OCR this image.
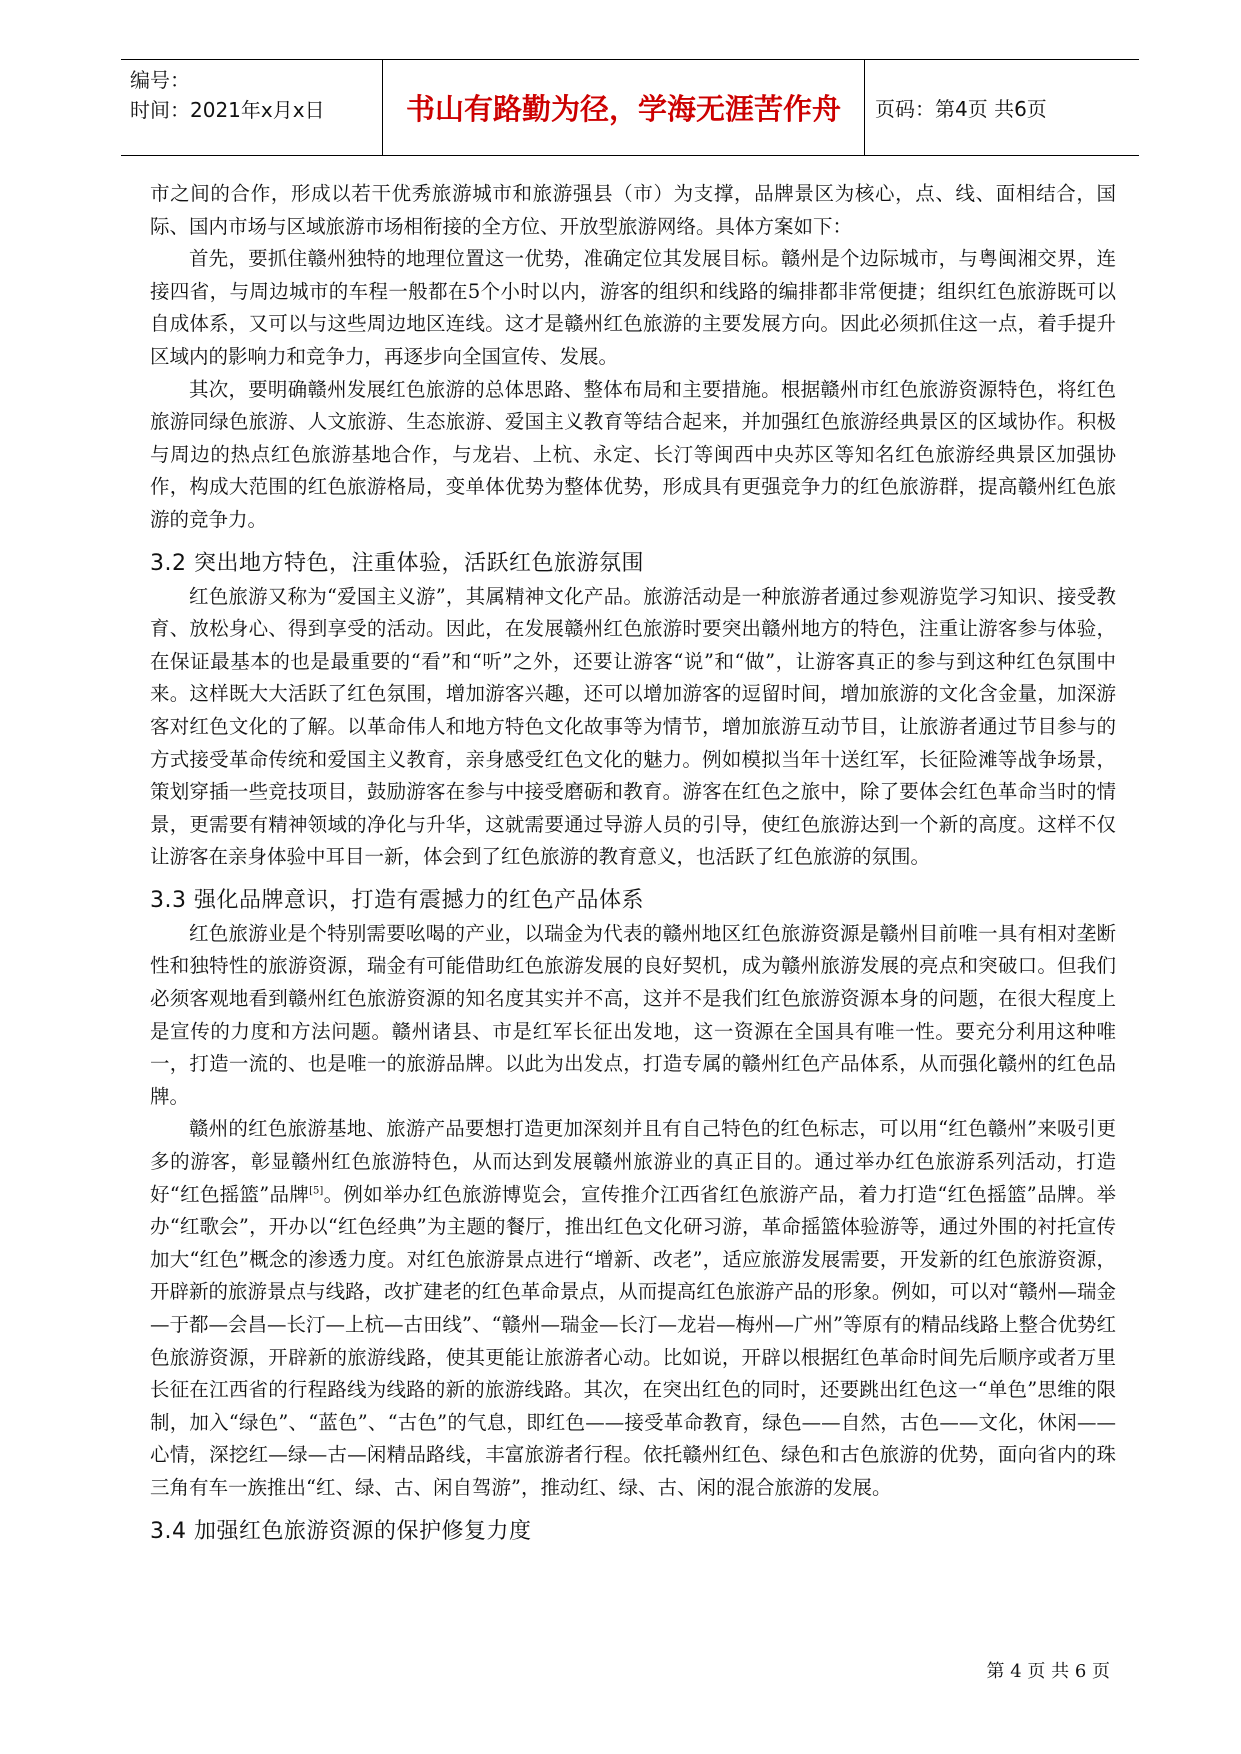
编号：
时间：2021年x月x日	书山有路勤为径，学海无涯苦作舟	页码：第4页 共6页

市之间的合作，形成以若干优秀旅游城市和旅游强县（市）为支撑，品牌景区为核心，点、线、面相结合，国际、国内市场与区域旅游市场相衔接的全方位、开放型旅游网络。具体方案如下：

首先，要抓住赣州独特的地理位置这一优势，准确定位其发展目标。赣州是个边际城市，与粤闽湘交界，连接四省，与周边城市的车程一般都在5个小时以内，游客的组织和线路的编排都非常便捷；组织红色旅游既可以自成体系，又可以与这些周边地区连线。这才是赣州红色旅游的主要发展方向。因此必须抓住这一点，着手提升区域内的影响力和竞争力，再逐步向全国宣传、发展。

其次，要明确赣州发展红色旅游的总体思路、整体布局和主要措施。根据赣州市红色旅游资源特色，将红色旅游同绿色旅游、人文旅游、生态旅游、爱国主义教育等结合起来，并加强红色旅游经典景区的区域协作。积极与周边的热点红色旅游基地合作，与龙岩、上杭、永定、长汀等闽西中央苏区等知名红色旅游经典景区加强协作，构成大范围的红色旅游格局，变单体优势为整体优势，形成具有更强竞争力的红色旅游群，提高赣州红色旅游的竞争力。

3.2 突出地方特色，注重体验，活跃红色旅游氛围

红色旅游又称为“爱国主义游”，其属精神文化产品。旅游活动是一种旅游者通过参观游览学习知识、接受教育、放松身心、得到享受的活动。因此，在发展赣州红色旅游时要突出赣州地方的特色，注重让游客参与体验，在保证最基本的也是最重要的“看”和“听”之外，还要让游客“说”和“做”，让游客真正的参与到这种红色氛围中来。这样既大大活跃了红色氛围，增加游客兴趣，还可以增加游客的逗留时间，增加旅游的文化含金量，加深游客对红色文化的了解。以革命伟人和地方特色文化故事等为情节，增加旅游互动节目，让旅游者通过节目参与的方式接受革命传统和爱国主义教育，亲身感受红色文化的魅力。例如模拟当年十送红军，长征险滩等战争场景，策划穿插一些竞技项目，鼓励游客在参与中接受磨砺和教育。游客在红色之旅中，除了要体会红色革命当时的情景，更需要有精神领域的净化与升华，这就需要通过导游人员的引导，使红色旅游达到一个新的高度。这样不仅让游客在亲身体验中耳目一新，体会到了红色旅游的教育意义，也活跃了红色旅游的氛围。

3.3 强化品牌意识，打造有震撼力的红色产品体系

红色旅游业是个特别需要吆喝的产业，以瑞金为代表的赣州地区红色旅游资源是赣州目前唯一具有相对垄断性和独特性的旅游资源，瑞金有可能借助红色旅游发展的良好契机，成为赣州旅游发展的亮点和突破口。但我们必须客观地看到赣州红色旅游资源的知名度其实并不高，这并不是我们红色旅游资源本身的问题，在很大程度上是宣传的力度和方法问题。赣州诸县、市是红军长征出发地，这一资源在全国具有唯一性。要充分利用这种唯一，打造一流的、也是唯一的旅游品牌。以此为出发点，打造专属的赣州红色产品体系，从而强化赣州的红色品牌。

赣州的红色旅游基地、旅游产品要想打造更加深刻并且有自己特色的红色标志，可以用“红色赣州”来吸引更多的游客，彰显赣州红色旅游特色，从而达到发展赣州旅游业的真正目的。通过举办红色旅游系列活动，打造好“红色摇篮”品牌[5]。例如举办红色旅游博览会，宣传推介江西省红色旅游产品，着力打造“红色摇篮”品牌。举办“红歌会”，开办以“红色经典”为主题的餐厅，推出红色文化研习游，革命摇篮体验游等，通过外围的衬托宣传加大“红色”概念的渗透力度。对红色旅游景点进行“增新、改老”，适应旅游发展需要，开发新的红色旅游资源，开辟新的旅游景点与线路，改扩建老的红色革命景点，从而提高红色旅游产品的形象。例如，可以对“赣州—瑞金—于都—会昌—长汀—上杭—古田线”、“赣州—瑞金—长汀—龙岩—梅州—广州”等原有的精品线路上整合优势红色旅游资源，开辟新的旅游线路，使其更能让旅游者心动。比如说，开辟以根据红色革命时间先后顺序或者万里长征在江西省的行程路线为线路的新的旅游线路。其次，在突出红色的同时，还要跳出红色这一“单色”思维的限制，加入“绿色”、“蓝色”、“古色”的气息，即红色——接受革命教育，绿色——自然，古色——文化，休闲——心情，深挖红—绿—古—闲精品路线，丰富旅游者行程。依托赣州红色、绿色和古色旅游的优势，面向省内的珠三角有车一族推出“红、绿、古、闲自驾游”，推动红、绿、古、闲的混合旅游的发展。

3.4 加强红色旅游资源的保护修复力度
第 4 页 共 6 页
